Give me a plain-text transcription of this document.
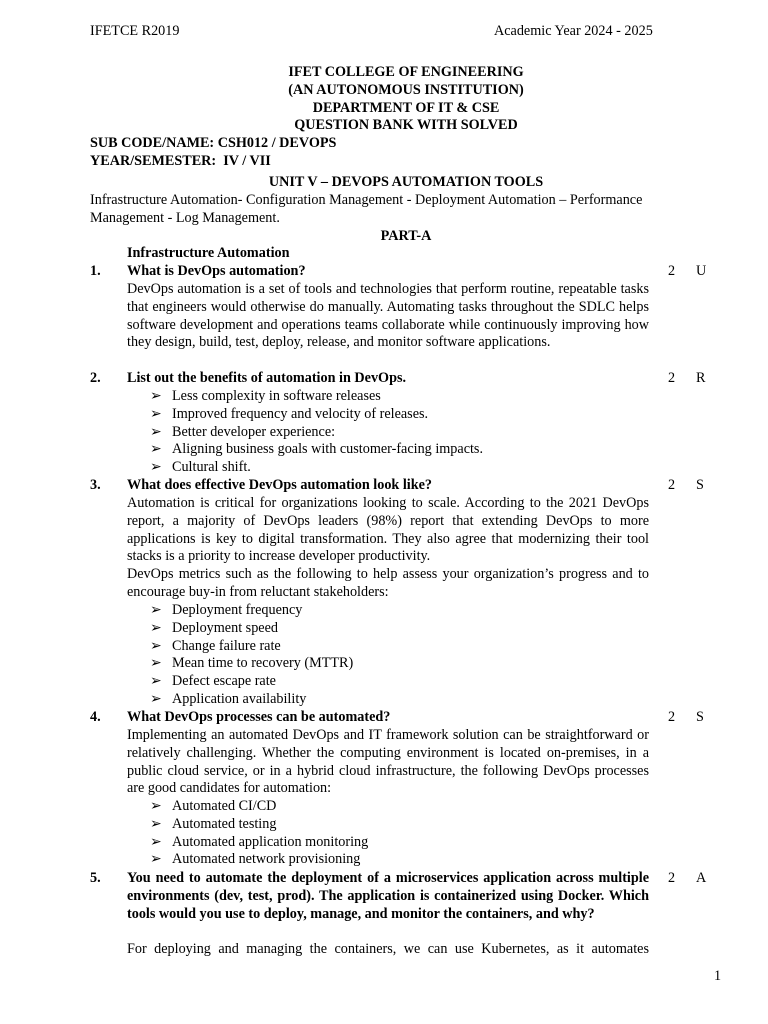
IFETCE R2019	Academic Year 2024 - 2025
IFET COLLEGE OF ENGINEERING
(AN AUTONOMOUS INSTITUTION)
DEPARTMENT OF IT & CSE
QUESTION BANK WITH SOLVED
SUB CODE/NAME: CSH012 / DEVOPS
YEAR/SEMESTER:  IV / VII
UNIT V – DEVOPS AUTOMATION TOOLS
Infrastructure Automation- Configuration Management - Deployment Automation – Performance Management - Log Management.
PART-A
Infrastructure Automation
1. What is DevOps automation?	2 U
DevOps automation is a set of tools and technologies that perform routine, repeatable tasks that engineers would otherwise do manually. Automating tasks throughout the SDLC helps software development and operations teams collaborate while continuously improving how they design, build, test, deploy, release, and monitor software applications.
2. List out the benefits of automation in DevOps.	2 R
➢ Less complexity in software releases
➢ Improved frequency and velocity of releases.
➢ Better developer experience:
➢ Aligning business goals with customer-facing impacts.
➢ Cultural shift.
3. What does effective DevOps automation look like?	2 S
Automation is critical for organizations looking to scale. According to the 2021 DevOps report, a majority of DevOps leaders (98%) report that extending DevOps to more applications is key to digital transformation. They also agree that modernizing their tool stacks is a priority to increase developer productivity.
DevOps metrics such as the following to help assess your organization’s progress and to encourage buy-in from reluctant stakeholders:
➢ Deployment frequency
➢ Deployment speed
➢ Change failure rate
➢ Mean time to recovery (MTTR)
➢ Defect escape rate
➢ Application availability
4. What DevOps processes can be automated?	2 S
Implementing an automated DevOps and IT framework solution can be straightforward or relatively challenging. Whether the computing environment is located on-premises, in a public cloud service, or in a hybrid cloud infrastructure, the following DevOps processes are good candidates for automation:
➢ Automated CI/CD
➢ Automated testing
➢ Automated application monitoring
➢ Automated network provisioning
5. You need to automate the deployment of a microservices application across multiple environments (dev, test, prod). The application is containerized using Docker. Which tools would you use to deploy, manage, and monitor the containers, and why?
2 A
For deploying and managing the containers, we can use Kubernetes, as it automates
1
